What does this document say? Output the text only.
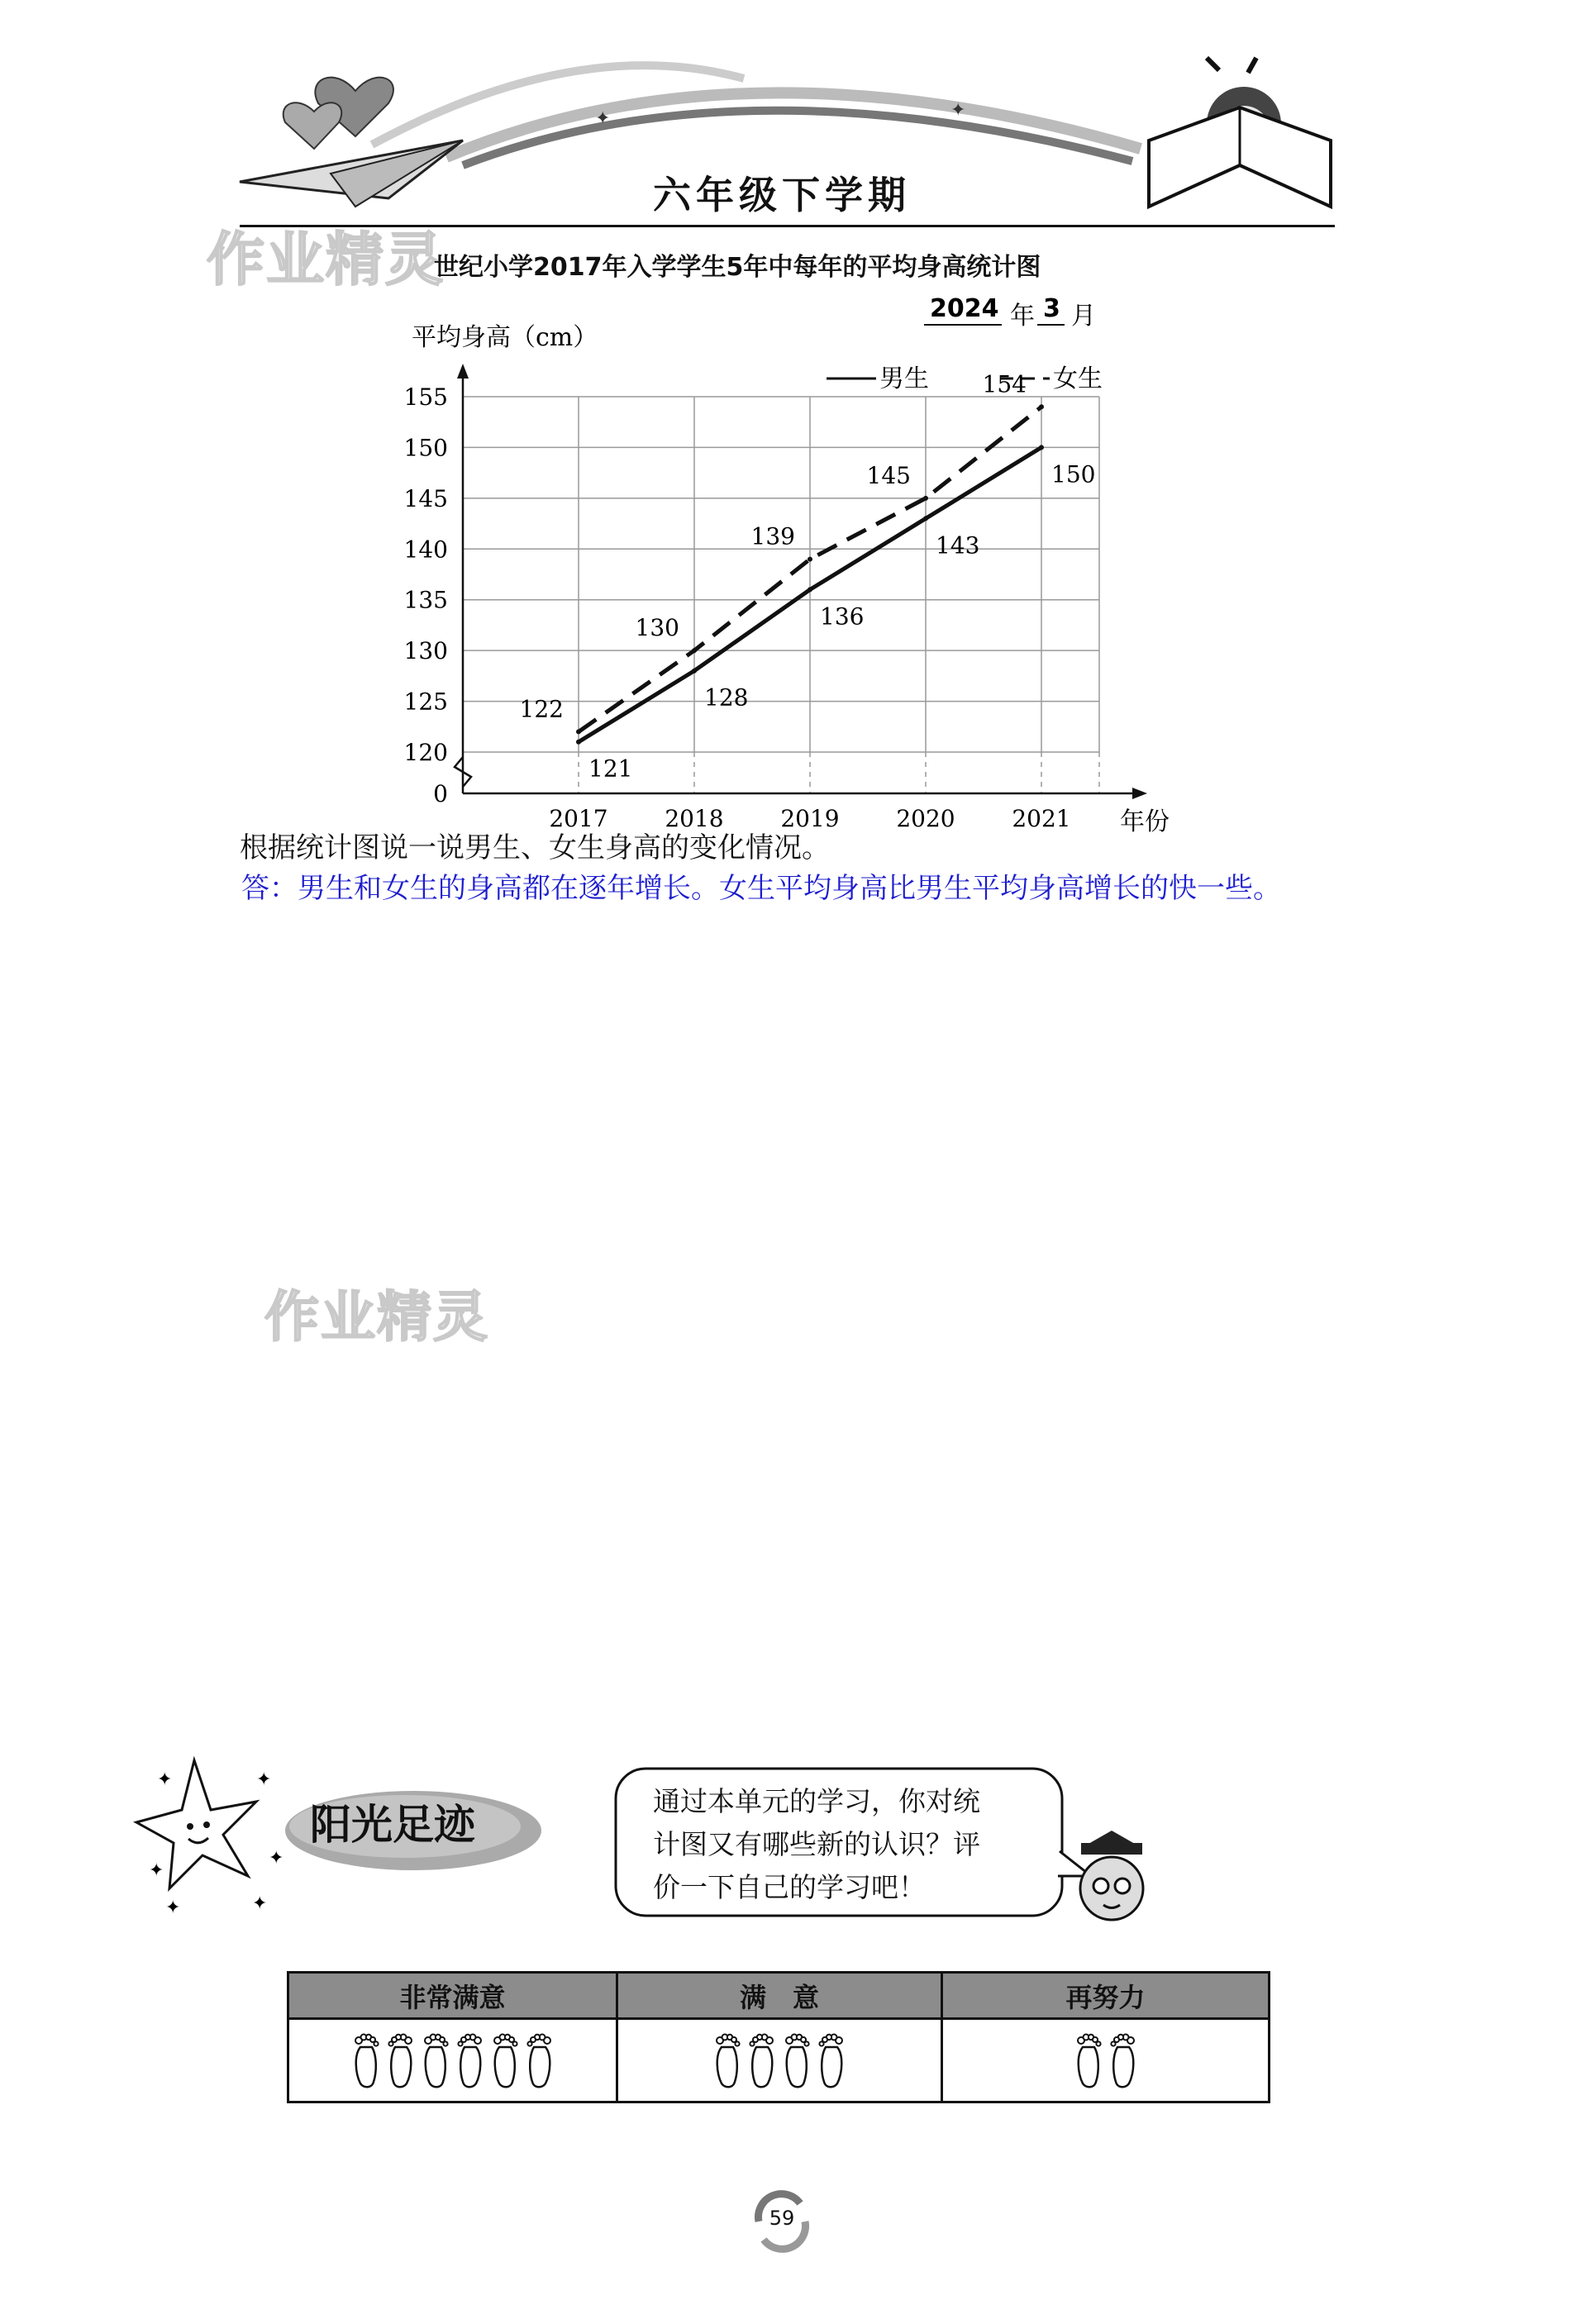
✦	✦
六年级下学期
作业精灵
作业精灵
世纪小学2017年入学学生5年中每年的平均身高统计图
0
120
125
130
135
140
145
150
155
2017 2018 2019 2020 2021
平均身高（cm）
年份
2024 年 3 月
男生	女生
122
130
139
145
154
121
128
136
143
150
根据统计图说一说男生、女生身高的变化情况。
答：男生和女生的身高都在逐年增长。女生平均身高比男生平均身高增长的快一些。
✦	✦
✦
✦	✦
✦
阳光足迹	通过本单元的学习，你对统
计图又有哪些新的认识？评
价一下自己的学习吧！
非常满意	满　意	再努力
59
